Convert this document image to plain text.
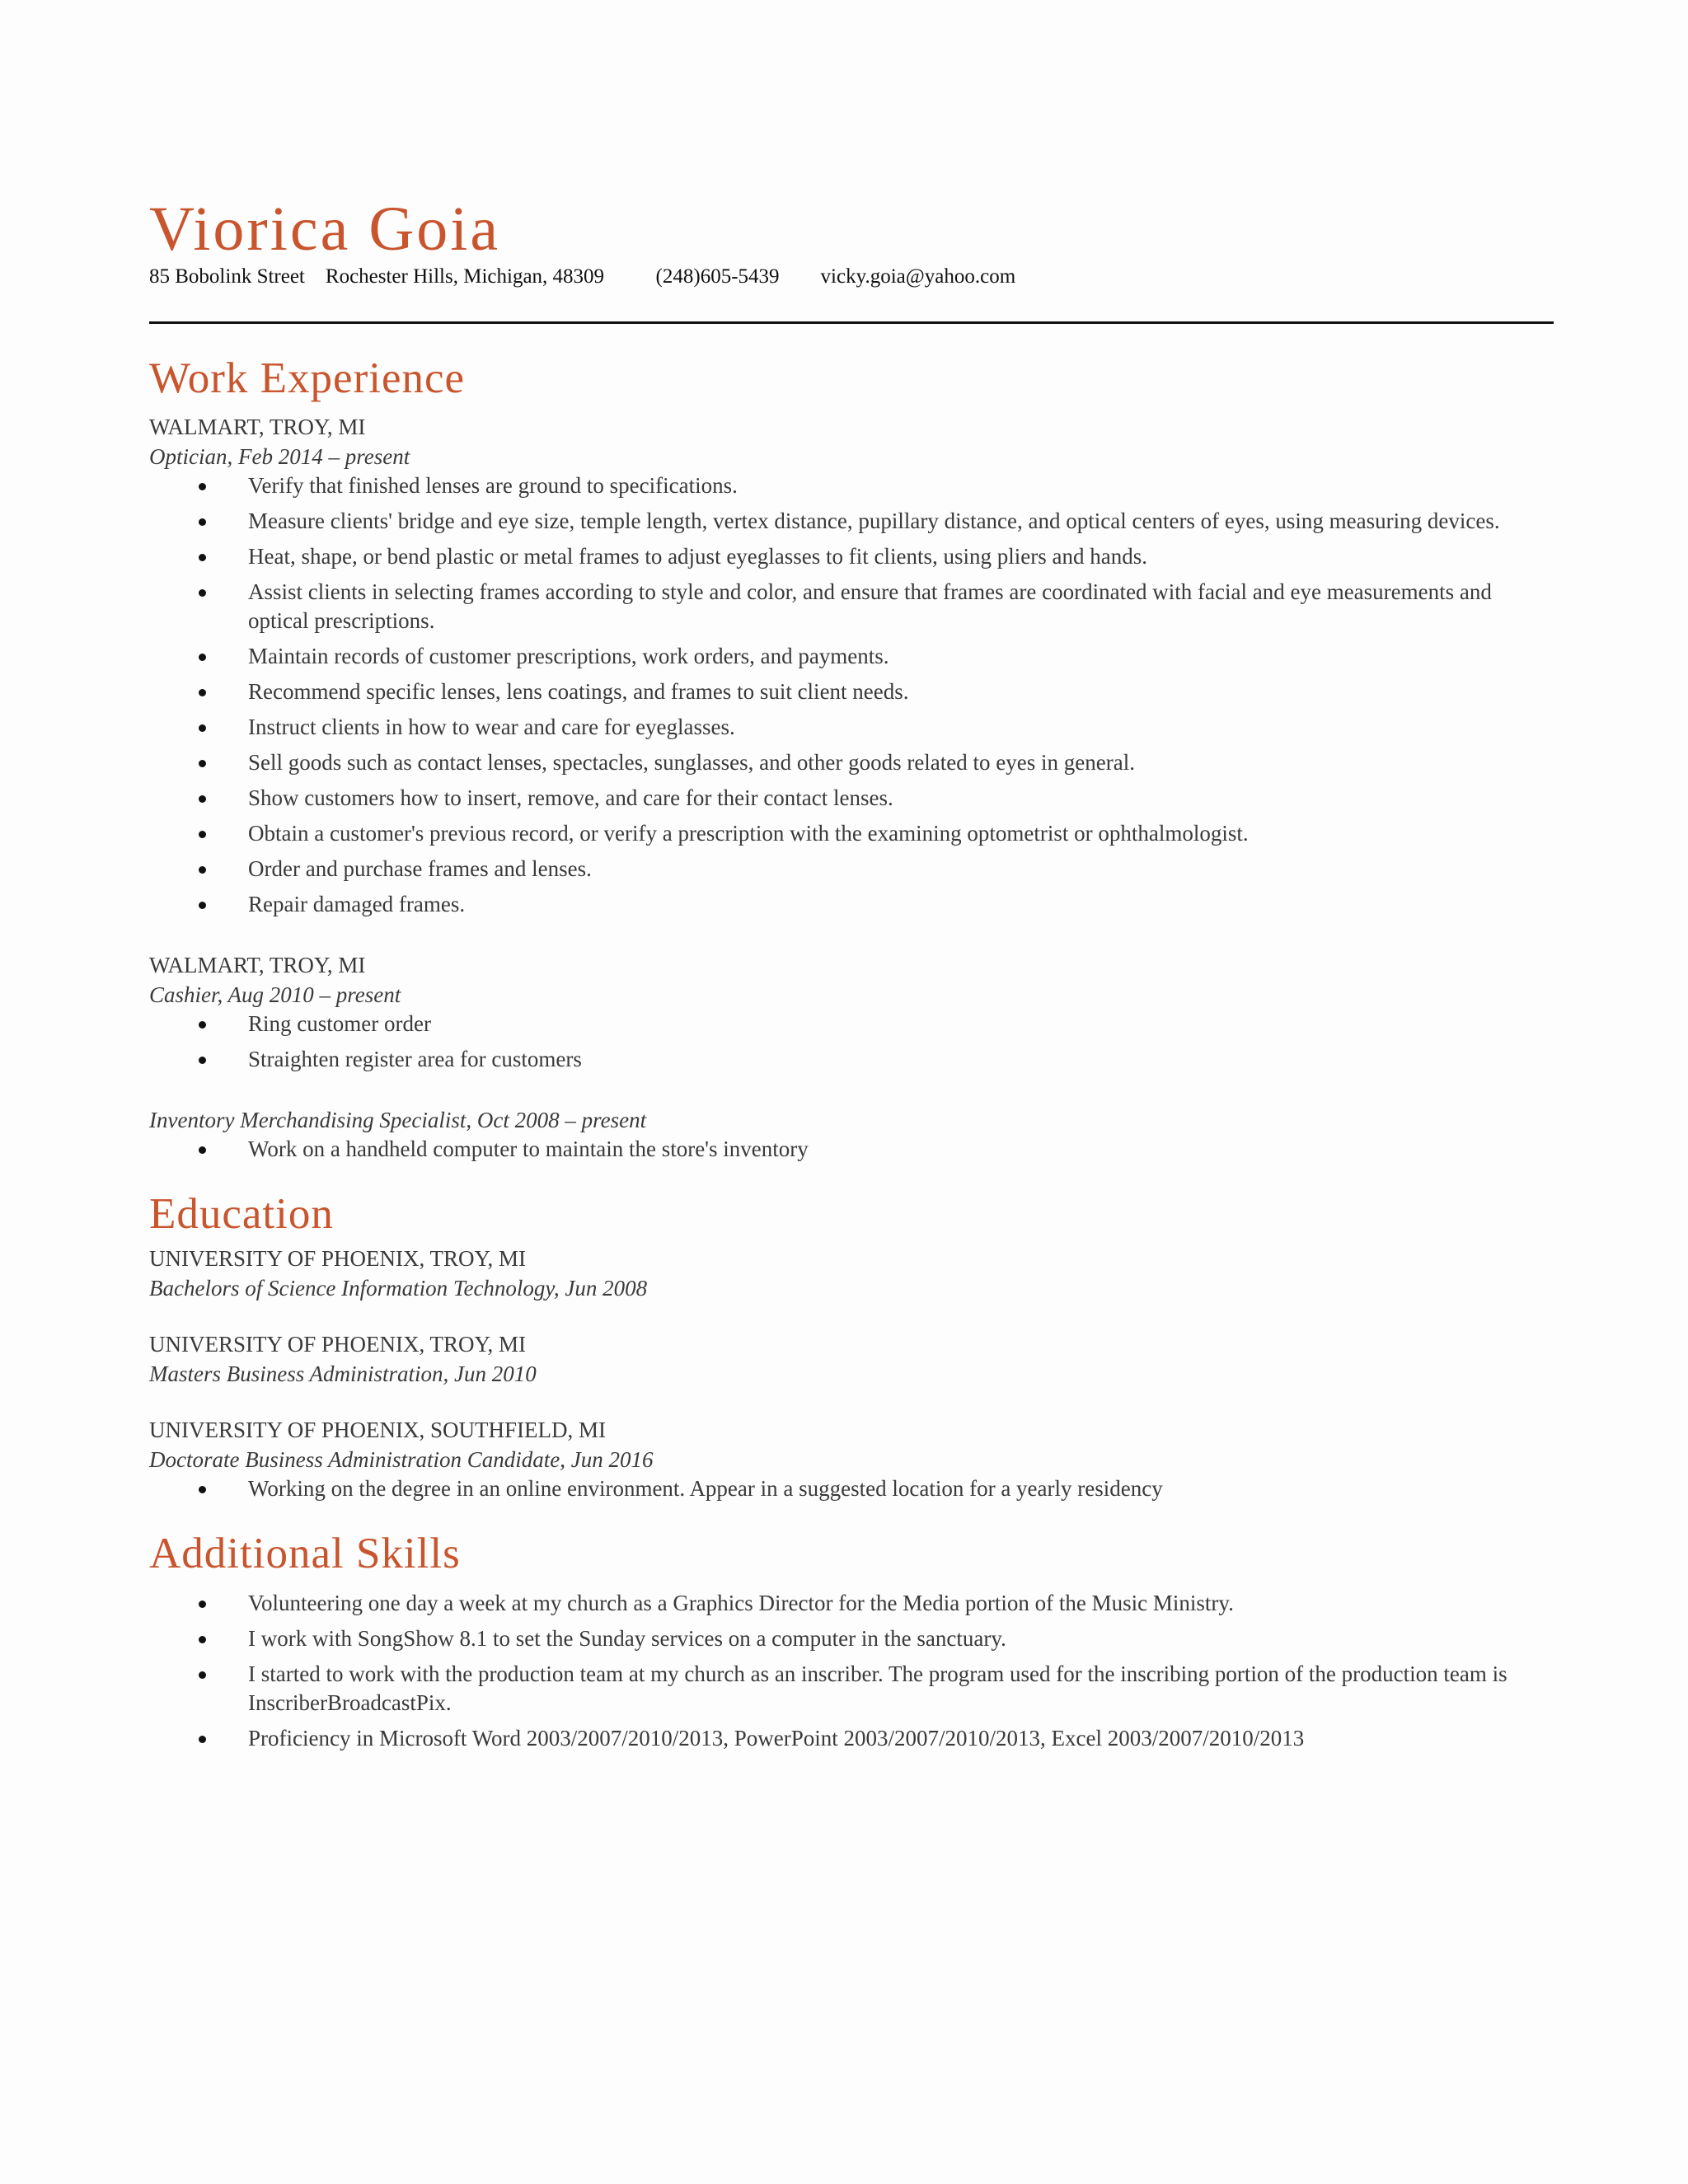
Viorica Goia
85 Bobolink Street Rochester Hills, Michigan, 48309	(248)605-5439 vicky.goia@yahoo.com
Work Experience

WALMART, TROY, MI

Optician, Feb 2014 – present

Verify that finished lenses are ground to specifications.
Measure clients' bridge and eye size, temple length, vertex distance, pupillary distance, and optical centers of eyes, using measuring devices.
Heat, shape, or bend plastic or metal frames to adjust eyeglasses to fit clients, using pliers and hands.
Assist clients in selecting frames according to style and color, and ensure that frames are coordinated with facial and eye measurements and optical prescriptions.
Maintain records of customer prescriptions, work orders, and payments.
Recommend specific lenses, lens coatings, and frames to suit client needs.
Instruct clients in how to wear and care for eyeglasses.
Sell goods such as contact lenses, spectacles, sunglasses, and other goods related to eyes in general.
Show customers how to insert, remove, and care for their contact lenses.
Obtain a customer's previous record, or verify a prescription with the examining optometrist or ophthalmologist.
Order and purchase frames and lenses.
Repair damaged frames.

WALMART, TROY, MI

Cashier, Aug 2010 – present

Ring customer order
Straighten register area for customers

Inventory Merchandising Specialist, Oct 2008 – present

Work on a handheld computer to maintain the store's inventory
Education

UNIVERSITY OF PHOENIX, TROY, MI

Bachelors of Science Information Technology, Jun 2008

UNIVERSITY OF PHOENIX, TROY, MI

Masters Business Administration, Jun 2010

UNIVERSITY OF PHOENIX, SOUTHFIELD, MI

Doctorate Business Administration Candidate, Jun 2016

Working on the degree in an online environment. Appear in a suggested location for a yearly residency
Additional Skills
Volunteering one day a week at my church as a Graphics Director for the Media portion of the Music Ministry.
I work with SongShow 8.1 to set the Sunday services on a computer in the sanctuary.
I started to work with the production team at my church as an inscriber. The program used for the inscribing portion of the production team is InscriberBroadcastPix.
Proficiency in Microsoft Word 2003/2007/2010/2013, PowerPoint 2003/2007/2010/2013, Excel 2003/2007/2010/2013
